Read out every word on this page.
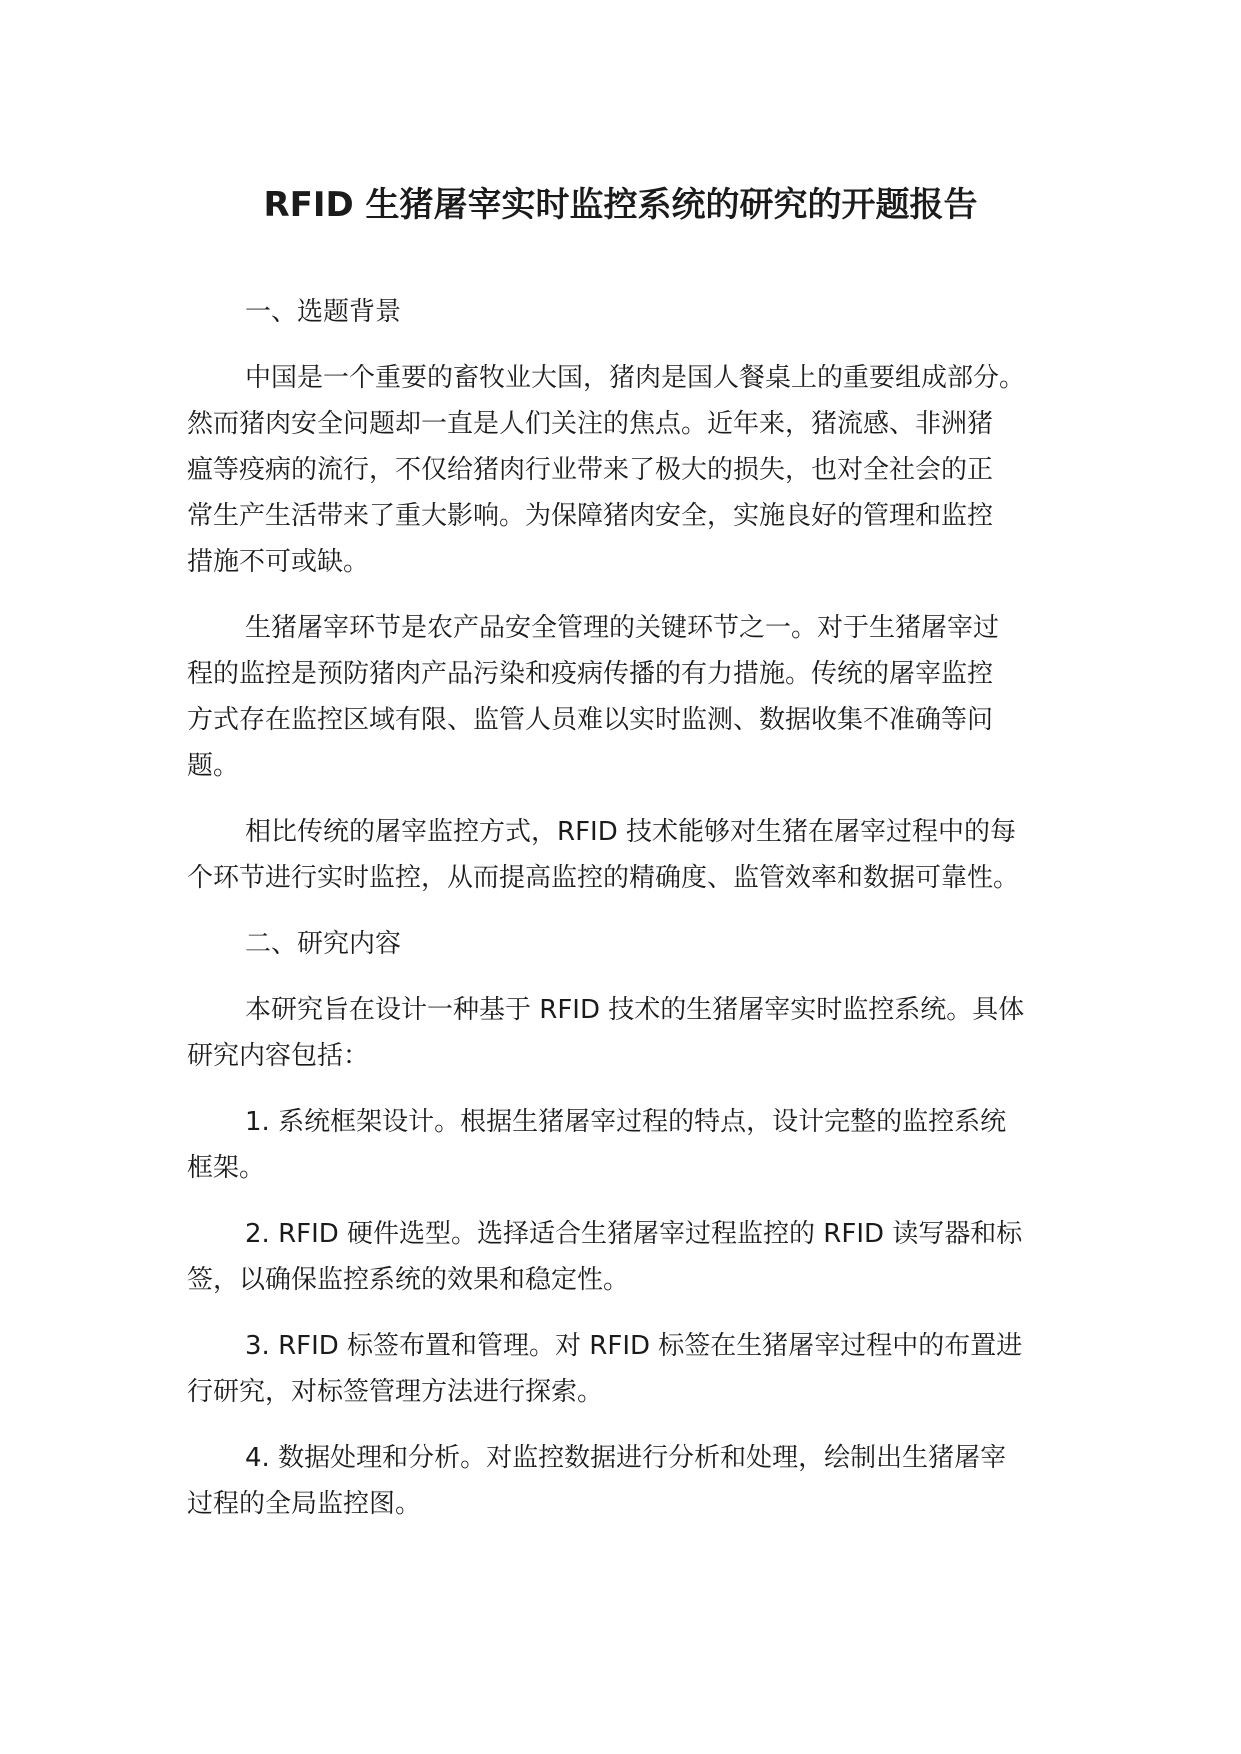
RFID 生猪屠宰实时监控系统的研究的开题报告
一、选题背景
中国是一个重要的畜牧业大国，猪肉是国人餐桌上的重要组成部分。
然而猪肉安全问题却一直是人们关注的焦点。近年来，猪流感、非洲猪
瘟等疫病的流行，不仅给猪肉行业带来了极大的损失，也对全社会的正
常生产生活带来了重大影响。为保障猪肉安全，实施良好的管理和监控
措施不可或缺。
生猪屠宰环节是农产品安全管理的关键环节之一。对于生猪屠宰过
程的监控是预防猪肉产品污染和疫病传播的有力措施。传统的屠宰监控
方式存在监控区域有限、监管人员难以实时监测、数据收集不准确等问
题。
相比传统的屠宰监控方式，RFID 技术能够对生猪在屠宰过程中的每
个环节进行实时监控，从而提高监控的精确度、监管效率和数据可靠性。
二、研究内容
本研究旨在设计一种基于 RFID 技术的生猪屠宰实时监控系统。具体
研究内容包括：
1. 系统框架设计。根据生猪屠宰过程的特点，设计完整的监控系统
框架。
2. RFID 硬件选型。选择适合生猪屠宰过程监控的 RFID 读写器和标
签，以确保监控系统的效果和稳定性。
3. RFID 标签布置和管理。对 RFID 标签在生猪屠宰过程中的布置进
行研究，对标签管理方法进行探索。
4. 数据处理和分析。对监控数据进行分析和处理，绘制出生猪屠宰
过程的全局监控图。
